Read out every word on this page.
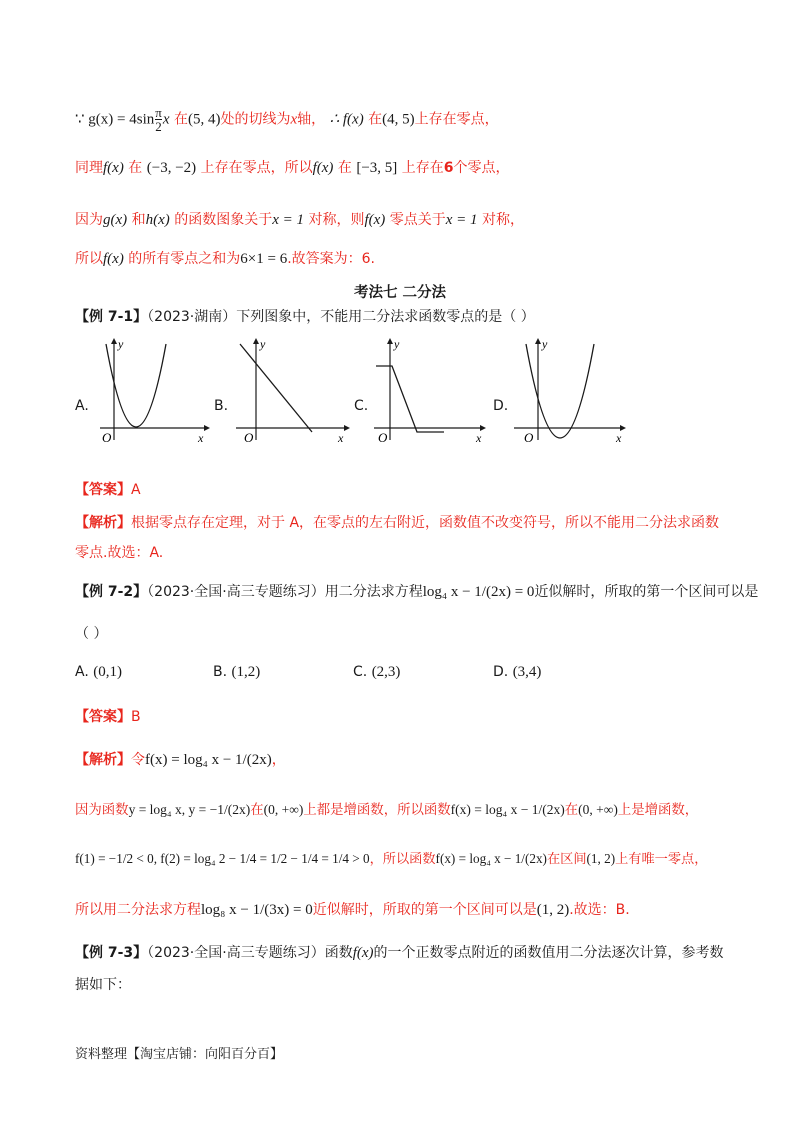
∵ $g(x) = 4\sin \frac{\pi}{2}$ x 在(5, 4)处的切线为x轴， ∴ f(x) 在(4, 5)上存在零点，
同理f(x) 在 (−3, −2) 上存在零点，所以f(x) 在 [−3, 5] 上存在6个零点，
因为g(x) 和h(x) 的函数图象关于x = 1 对称，则f(x) 零点关于x = 1 对称，
所以f(x) 的所有零点之和为6×1 = 6.故答案为：6.
考法七 二分法
【例 7-1】（2023·湖南）下列图象中，不能用二分法求函数零点的是（ ）
A.
y
x
O
B.
y
x
O
C.
y
x
O
D.
y
x
O
【答案】A
【解析】根据零点存在定理，对于 A，在零点的左右附近，函数值不改变符号，所以不能用二分法求函数
零点.故选：A.
【例 7-2】（2023·全国·高三专题练习）用二分法求方程log₄ x − 1/(2x) = 0近似解时，所取的第一个区间可以是
（ ）
A. (0,1)	B. (1,2)	C. (2,3)	D. (3,4)
【答案】B
【解析】令f(x) = log₄ x − 1/(2x)，
因为函数y = log₄ x, y = −1/(2x)在(0, +∞)上都是增函数，所以函数f(x) = log₄ x − 1/(2x)在(0, +∞)上是增函数，
f(1) = −1/2 < 0, f(2) = log₄ 2 − 1/4 = 1/2 − 1/4 = 1/4 > 0，所以函数f(x) = log₄ x − 1/(2x)在区间(1, 2)上有唯一零点，
所以用二分法求方程log₈ x − 1/(3x) = 0近似解时，所取的第一个区间可以是(1, 2).故选：B.
【例 7-3】（2023·全国·高三专题练习）函数f(x)的一个正数零点附近的函数值用二分法逐次计算，参考数
据如下：
资料整理【淘宝店铺：向阳百分百】
